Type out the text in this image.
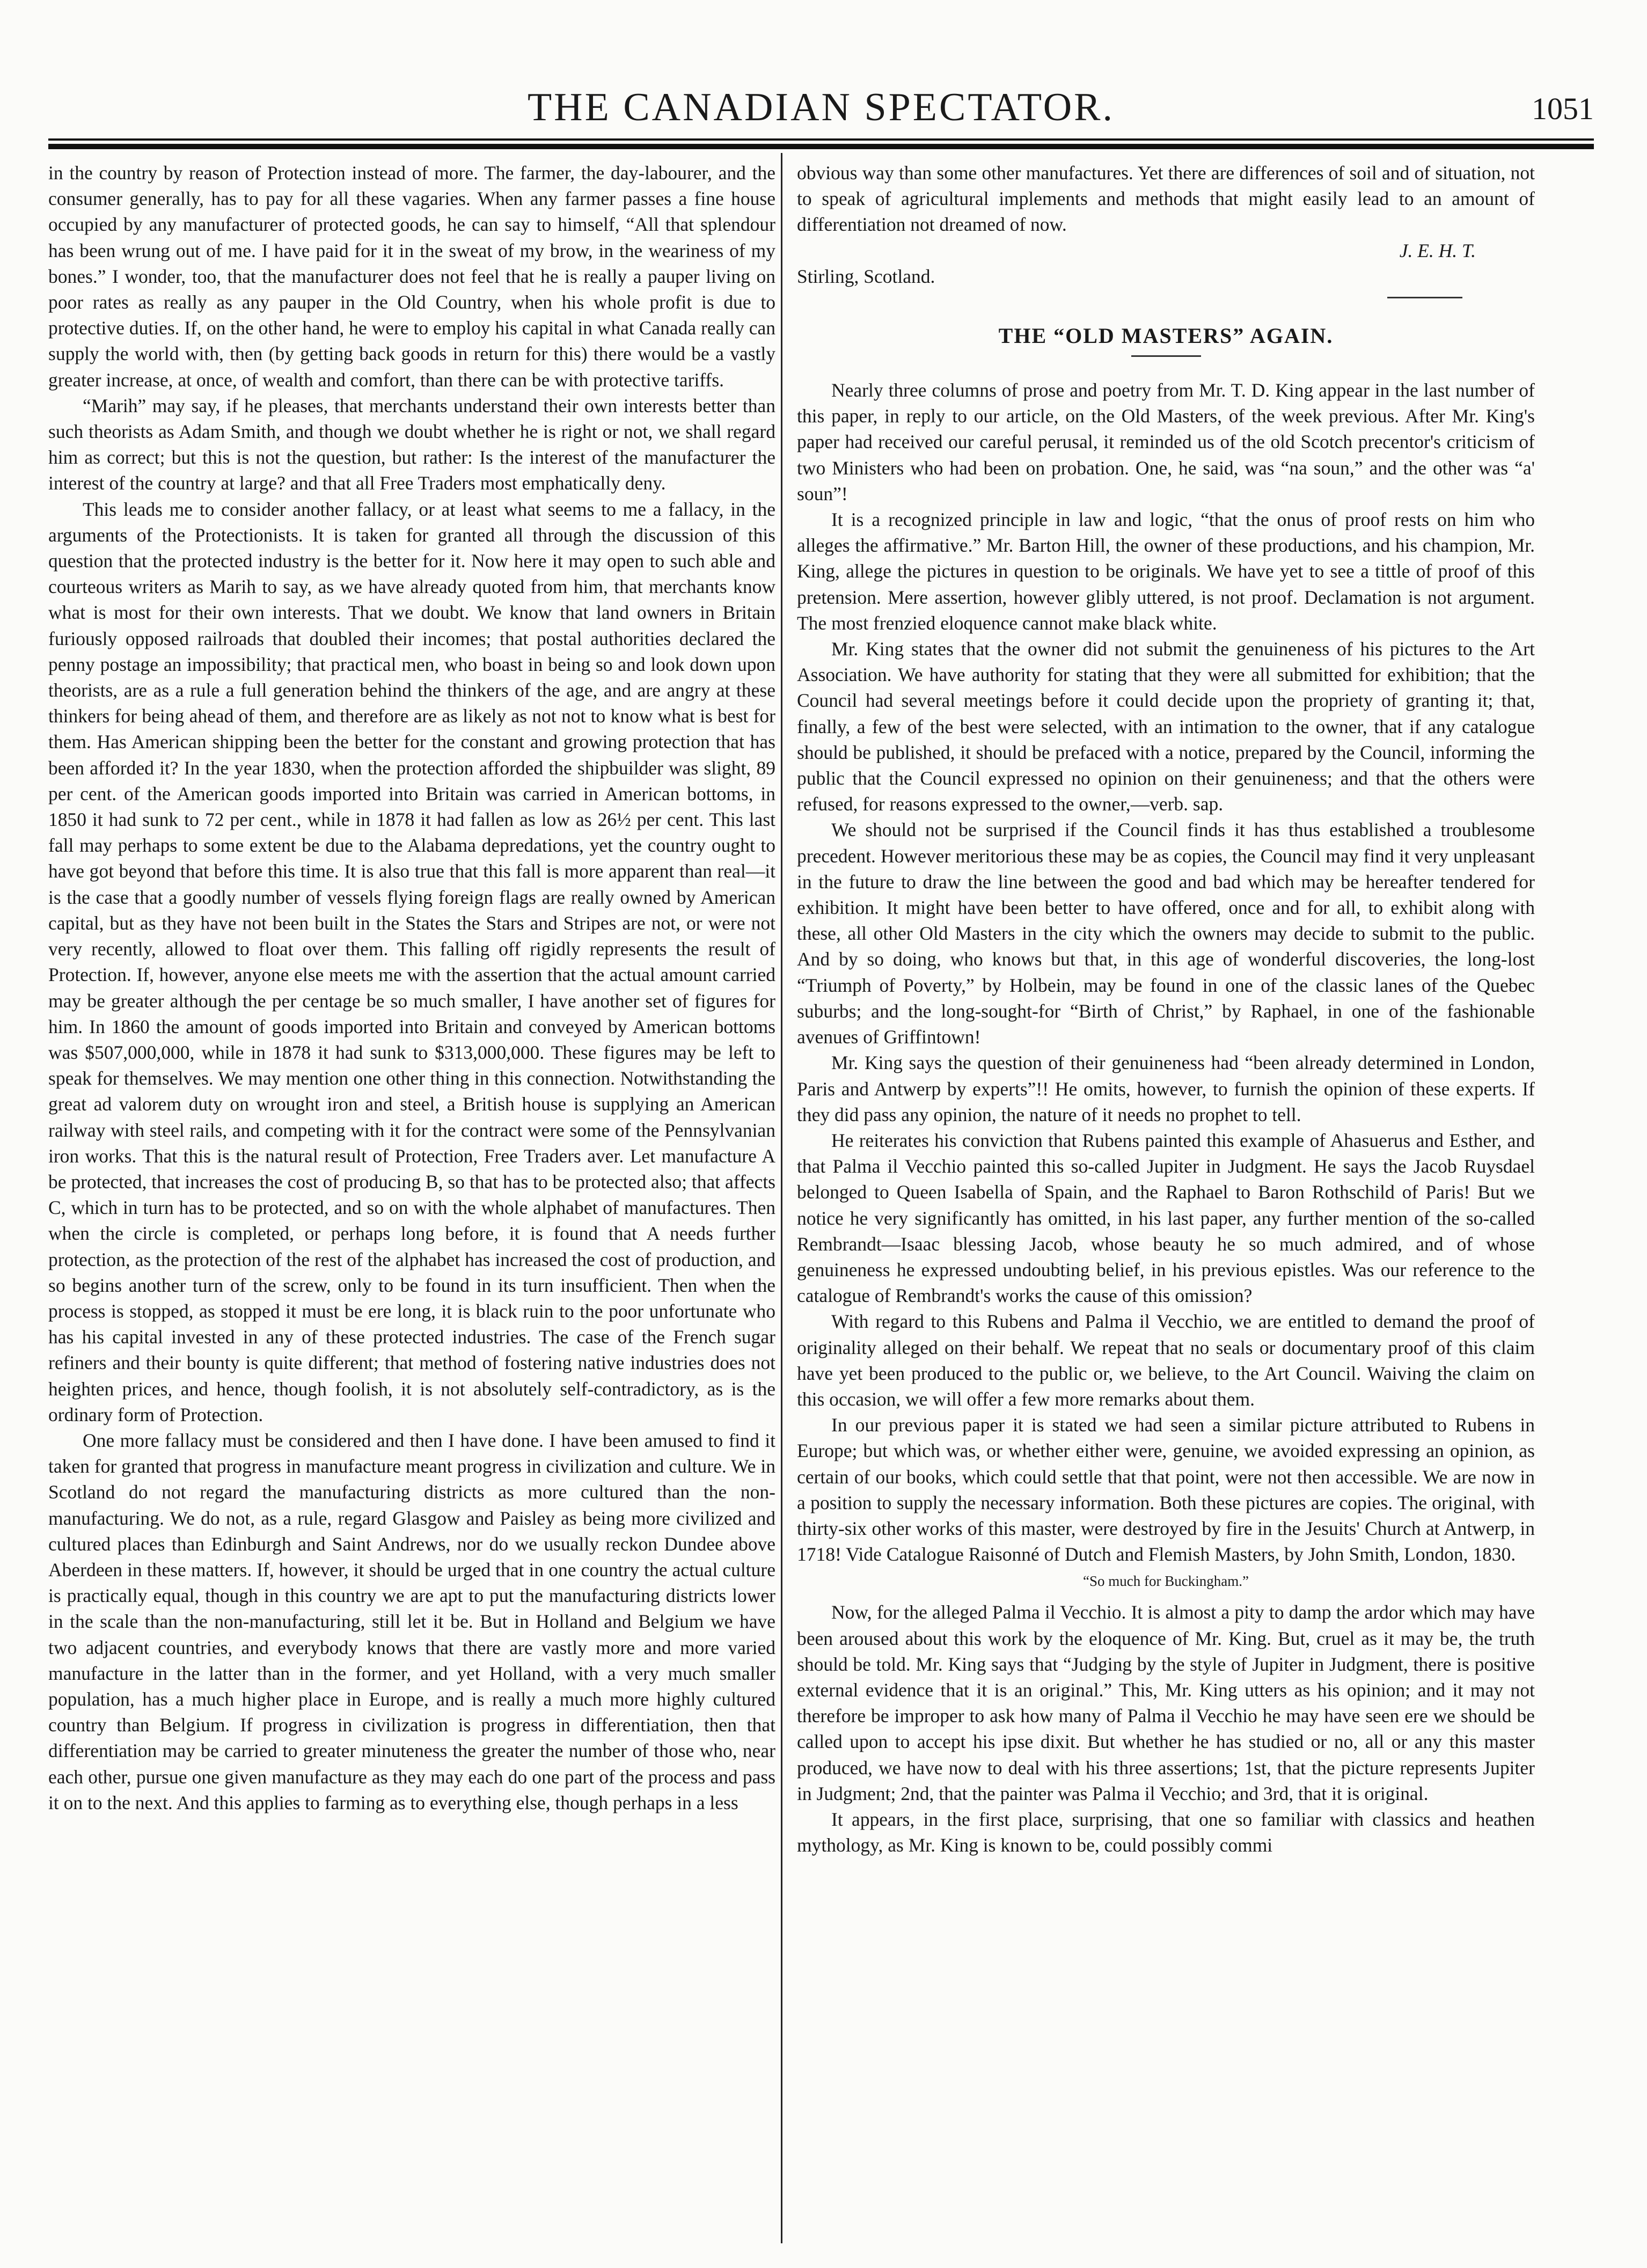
THE CANADIAN SPECTATOR.	1051

in the country by reason of Protection instead of more. The farmer, the day-labourer, and the consumer generally, has to pay for all these vagaries. When any farmer passes a fine house occupied by any manufacturer of protected goods, he can say to himself, “All that splendour has been wrung out of me. I have paid for it in the sweat of my brow, in the weariness of my bones.” I wonder, too, that the manufacturer does not feel that he is really a pauper living on poor rates as really as any pauper in the Old Country, when his whole profit is due to protective duties. If, on the other hand, he were to employ his capital in what Canada really can supply the world with, then (by getting back goods in return for this) there would be a vastly greater increase, at once, of wealth and comfort, than there can be with protective tariffs.

“Marih” may say, if he pleases, that merchants understand their own interests better than such theorists as Adam Smith, and though we doubt whether he is right or not, we shall regard him as correct; but this is not the question, but rather: Is the interest of the manufacturer the interest of the country at large? and that all Free Traders most emphatically deny.

This leads me to consider another fallacy, or at least what seems to me a fallacy, in the arguments of the Protectionists. It is taken for granted all through the discussion of this question that the protected industry is the better for it. Now here it may open to such able and courteous writers as Marih to say, as we have already quoted from him, that merchants know what is most for their own interests. That we doubt. We know that land owners in Britain furiously opposed railroads that doubled their incomes; that postal authorities declared the penny postage an impossibility; that practical men, who boast in being so and look down upon theorists, are as a rule a full generation behind the thinkers of the age, and are angry at these thinkers for being ahead of them, and therefore are as likely as not not to know what is best for them. Has American shipping been the better for the constant and growing protection that has been afforded it? In the year 1830, when the protection afforded the shipbuilder was slight, 89 per cent. of the American goods imported into Britain was carried in American bottoms, in 1850 it had sunk to 72 per cent., while in 1878 it had fallen as low as 26½ per cent. This last fall may perhaps to some extent be due to the Alabama depredations, yet the country ought to have got beyond that before this time. It is also true that this fall is more apparent than real—it is the case that a goodly number of vessels flying foreign flags are really owned by American capital, but as they have not been built in the States the Stars and Stripes are not, or were not very recently, allowed to float over them. This falling off rigidly represents the result of Protection. If, however, anyone else meets me with the assertion that the actual amount carried may be greater although the per centage be so much smaller, I have another set of figures for him. In 1860 the amount of goods imported into Britain and conveyed by American bottoms was $507,000,000, while in 1878 it had sunk to $313,000,000. These figures may be left to speak for themselves. We may mention one other thing in this connection. Notwithstanding the great ad valorem duty on wrought iron and steel, a British house is supplying an American railway with steel rails, and competing with it for the contract were some of the Pennsylvanian iron works. That this is the natural result of Protection, Free Traders aver. Let manufacture A be protected, that increases the cost of producing B, so that has to be protected also; that affects C, which in turn has to be protected, and so on with the whole alphabet of manufactures. Then when the circle is completed, or perhaps long before, it is found that A needs further protection, as the protection of the rest of the alphabet has increased the cost of production, and so begins another turn of the screw, only to be found in its turn insufficient. Then when the process is stopped, as stopped it must be ere long, it is black ruin to the poor unfortunate who has his capital invested in any of these protected industries. The case of the French sugar refiners and their bounty is quite different; that method of fostering native industries does not heighten prices, and hence, though foolish, it is not absolutely self-contradictory, as is the ordinary form of Protection.

One more fallacy must be considered and then I have done. I have been amused to find it taken for granted that progress in manufacture meant progress in civilization and culture. We in Scotland do not regard the manufacturing districts as more cultured than the non-manufacturing. We do not, as a rule, regard Glasgow and Paisley as being more civilized and cultured places than Edinburgh and Saint Andrews, nor do we usually reckon Dundee above Aberdeen in these matters. If, however, it should be urged that in one country the actual culture is practically equal, though in this country we are apt to put the manufacturing districts lower in the scale than the non-manufacturing, still let it be. But in Holland and Belgium we have two adjacent countries, and everybody knows that there are vastly more and more varied manufacture in the latter than in the former, and yet Holland, with a very much smaller population, has a much higher place in Europe, and is really a much more highly cultured country than Belgium. If progress in civilization is progress in differentiation, then that differentiation may be carried to greater minuteness the greater the number of those who, near each other, pursue one given manufacture as they may each do one part of the process and pass it on to the next. And this applies to farming as to everything else, though perhaps in a less

obvious way than some other manufactures. Yet there are differences of soil and of situation, not to speak of agricultural implements and methods that might easily lead to an amount of differentiation not dreamed of now.

J. E. H. T.

Stirling, Scotland.

THE “OLD MASTERS” AGAIN.

Nearly three columns of prose and poetry from Mr. T. D. King appear in the last number of this paper, in reply to our article, on the Old Masters, of the week previous. After Mr. King's paper had received our careful perusal, it reminded us of the old Scotch precentor's criticism of two Ministers who had been on probation. One, he said, was “na soun,” and the other was “a' soun”!

It is a recognized principle in law and logic, “that the onus of proof rests on him who alleges the affirmative.” Mr. Barton Hill, the owner of these productions, and his champion, Mr. King, allege the pictures in question to be originals. We have yet to see a tittle of proof of this pretension. Mere assertion, however glibly uttered, is not proof. Declamation is not argument. The most frenzied eloquence cannot make black white.

Mr. King states that the owner did not submit the genuineness of his pictures to the Art Association. We have authority for stating that they were all submitted for exhibition; that the Council had several meetings before it could decide upon the propriety of granting it; that, finally, a few of the best were selected, with an intimation to the owner, that if any catalogue should be published, it should be prefaced with a notice, prepared by the Council, informing the public that the Council expressed no opinion on their genuineness; and that the others were refused, for reasons expressed to the owner,—verb. sap.

We should not be surprised if the Council finds it has thus established a troublesome precedent. However meritorious these may be as copies, the Council may find it very unpleasant in the future to draw the line between the good and bad which may be hereafter tendered for exhibition. It might have been better to have offered, once and for all, to exhibit along with these, all other Old Masters in the city which the owners may decide to submit to the public. And by so doing, who knows but that, in this age of wonderful discoveries, the long-lost “Triumph of Poverty,” by Holbein, may be found in one of the classic lanes of the Quebec suburbs; and the long-sought-for “Birth of Christ,” by Raphael, in one of the fashionable avenues of Griffintown!

Mr. King says the question of their genuineness had “been already determined in London, Paris and Antwerp by experts”!! He omits, however, to furnish the opinion of these experts. If they did pass any opinion, the nature of it needs no prophet to tell.

He reiterates his conviction that Rubens painted this example of Ahasuerus and Esther, and that Palma il Vecchio painted this so-called Jupiter in Judgment. He says the Jacob Ruysdael belonged to Queen Isabella of Spain, and the Raphael to Baron Rothschild of Paris! But we notice he very significantly has omitted, in his last paper, any further mention of the so-called Rembrandt—Isaac blessing Jacob, whose beauty he so much admired, and of whose genuineness he expressed undoubting belief, in his previous epistles. Was our reference to the catalogue of Rembrandt's works the cause of this omission?

With regard to this Rubens and Palma il Vecchio, we are entitled to demand the proof of originality alleged on their behalf. We repeat that no seals or documentary proof of this claim have yet been produced to the public or, we believe, to the Art Council. Waiving the claim on this occasion, we will offer a few more remarks about them.

In our previous paper it is stated we had seen a similar picture attributed to Rubens in Europe; but which was, or whether either were, genuine, we avoided expressing an opinion, as certain of our books, which could settle that that point, were not then accessible. We are now in a position to supply the necessary information. Both these pictures are copies. The original, with thirty-six other works of this master, were destroyed by fire in the Jesuits' Church at Antwerp, in 1718! Vide Catalogue Raisonné of Dutch and Flemish Masters, by John Smith, London, 1830.

“So much for Buckingham.”

Now, for the alleged Palma il Vecchio. It is almost a pity to damp the ardor which may have been aroused about this work by the eloquence of Mr. King. But, cruel as it may be, the truth should be told. Mr. King says that “Judging by the style of Jupiter in Judgment, there is positive external evidence that it is an original.” This, Mr. King utters as his opinion; and it may not therefore be improper to ask how many of Palma il Vecchio he may have seen ere we should be called upon to accept his ipse dixit. But whether he has studied or no, all or any this master produced, we have now to deal with his three assertions; 1st, that the picture represents Jupiter in Judgment; 2nd, that the painter was Palma il Vecchio; and 3rd, that it is original.

It appears, in the first place, surprising, that one so familiar with classics and heathen mythology, as Mr. King is known to be, could possibly commi
